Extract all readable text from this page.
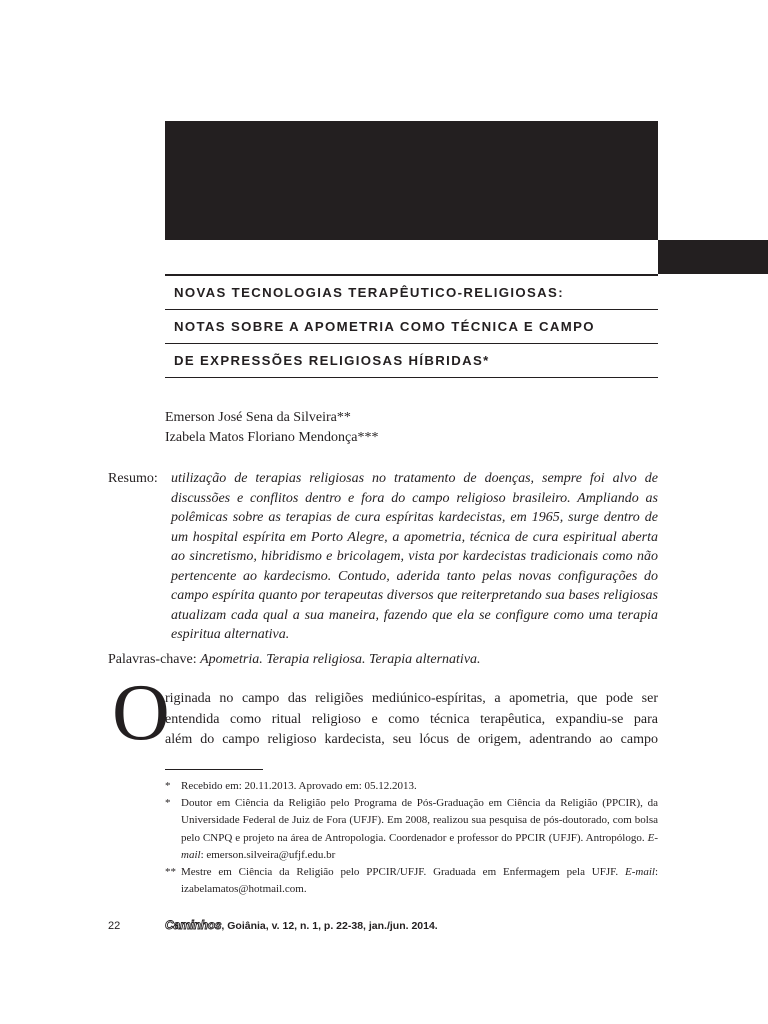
NOVAS TECNOLOGIAS TERAPÊUTICO-RELIGIOSAS:
NOTAS SOBRE A APOMETRIA COMO TÉCNICA E CAMPO
DE EXPRESSÕES RELIGIOSAS HÍBRIDAS*
Emerson José Sena da Silveira**
Izabela Matos Floriano Mendonça***
Resumo: utilização de terapias religiosas no tratamento de doenças, sempre foi alvo de discussões e conflitos dentro e fora do campo religioso brasileiro. Ampliando as polêmicas sobre as terapias de cura espíritas kardecistas, em 1965, surge dentro de um hospital espírita em Porto Alegre, a apometria, técnica de cura espiritual aberta ao sincretismo, hibridismo e bricolagem, vista por kardecistas tradicionais como não pertencente ao kardecismo. Contudo, aderida tanto pelas novas configurações do campo espírita quanto por terapeutas diversos que reiterpretando sua bases religiosas atualizam cada qual a sua maneira, fazendo que ela se configure como uma terapia espiritua alternativa.
Palavras-chave: Apometria. Terapia religiosa. Terapia alternativa.
O
riginada no campo das religiões mediúnico-espíritas, a apometria, que pode ser
entendida como ritual religioso e como técnica terapêutica, expandiu-se para
além do campo religioso kardecista, seu lócus de origem, adentrando ao campo
* Recebido em: 20.11.2013. Aprovado em: 05.12.2013.
* Doutor em Ciência da Religião pelo Programa de Pós-Graduação em Ciência da Religião (PPCIR), da Universidade Federal de Juiz de Fora (UFJF). Em 2008, realizou sua pesquisa de pós-doutorado, com bolsa pelo CNPQ e projeto na área de Antropologia. Coordenador e professor do PPCIR (UFJF). Antropólogo. E-mail: emerson.silveira@ufjf.edu.br
** Mestre em Ciência da Religião pelo PPCIR/UFJF. Graduada em Enfermagem pela UFJF. E-mail: izabelamatos@hotmail.com.
22	Caminhos, Goiânia, v. 12, n. 1, p. 22-38, jan./jun. 2014.
